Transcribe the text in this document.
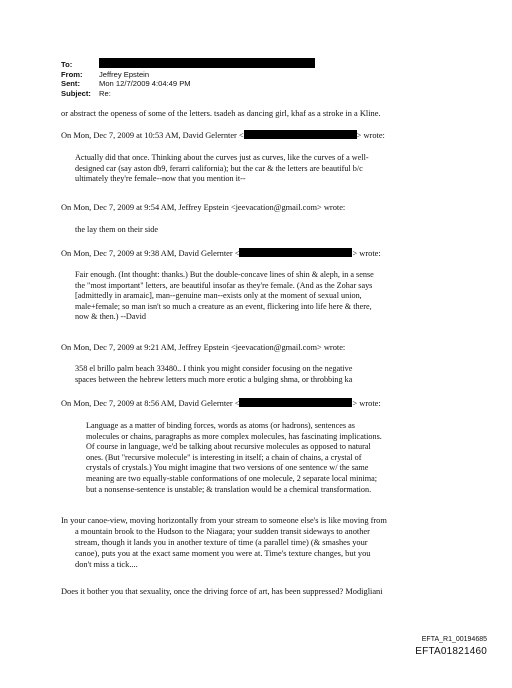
To:
From:	Jeffrey Epstein
Sent:	Mon 12/7/2009 4:04:49 PM
Subject:	Re:
or abstract the openess of some of the letters. tsadeh as dancing girl, khaf as a stroke in a Kline.
On Mon, Dec 7, 2009 at 10:53 AM, David Gelernter <	> wrote:
Actually did that once. Thinking about the curves just as curves, like the curves of a well-
designed car (say aston db9, ferarri california); but the car & the letters are beautiful b/c
ultimately they're female--now that you mention it--
On Mon, Dec 7, 2009 at 9:54 AM, Jeffrey Epstein <jeevacation@gmail.com> wrote:
the lay them on their side
On Mon, Dec 7, 2009 at 9:38 AM, David Gelernter <	> wrote:
Fair enough. (Int thought: thanks.) But the double-concave lines of shin & aleph, in a sense
the "most important" letters, are beautiful insofar as they're female. (And as the Zohar says
[admittedly in aramaic], man--genuine man--exists only at the moment of sexual union,
male+female; so man isn't so much a creature as an event, flickering into life here & there,
now & then.) --David
On Mon, Dec 7, 2009 at 9:21 AM, Jeffrey Epstein <jeevacation@gmail.com> wrote:
358 el brillo palm beach 33480.. I think you might consider focusing on the negative
spaces between the hebrew letters much more erotic a bulging shma, or throbbing ka
On Mon, Dec 7, 2009 at 8:56 AM, David Gelernter <	> wrote:
Language as a matter of binding forces, words as atoms (or hadrons), sentences as
molecules or chains, paragraphs as more complex molecules, has fascinating implications.
Of course in language, we'd be talking about recursive molecules as opposed to natural
ones. (But "recursive molecule" is interesting in itself; a chain of chains, a crystal of
crystals of crystals.) You might imagine that two versions of one sentence w/ the same
meaning are two equally-stable conformations of one molecule, 2 separate local minima;
but a nonsense-sentence is unstable; & translation would be a chemical transformation.
In your canoe-view, moving horizontally from your stream to someone else's is like moving from
a mountain brook to the Hudson to the Niagara; your sudden transit sideways to another
stream, though it lands you in another texture of time (a parallel time) (& smashes your
canoe), puts you at the exact same moment you were at. Time's texture changes, but you
don't miss a tick....
Does it bother you that sexuality, once the driving force of art, has been suppressed? Modigliani
EFTA_R1_00194685
EFTA01821460
